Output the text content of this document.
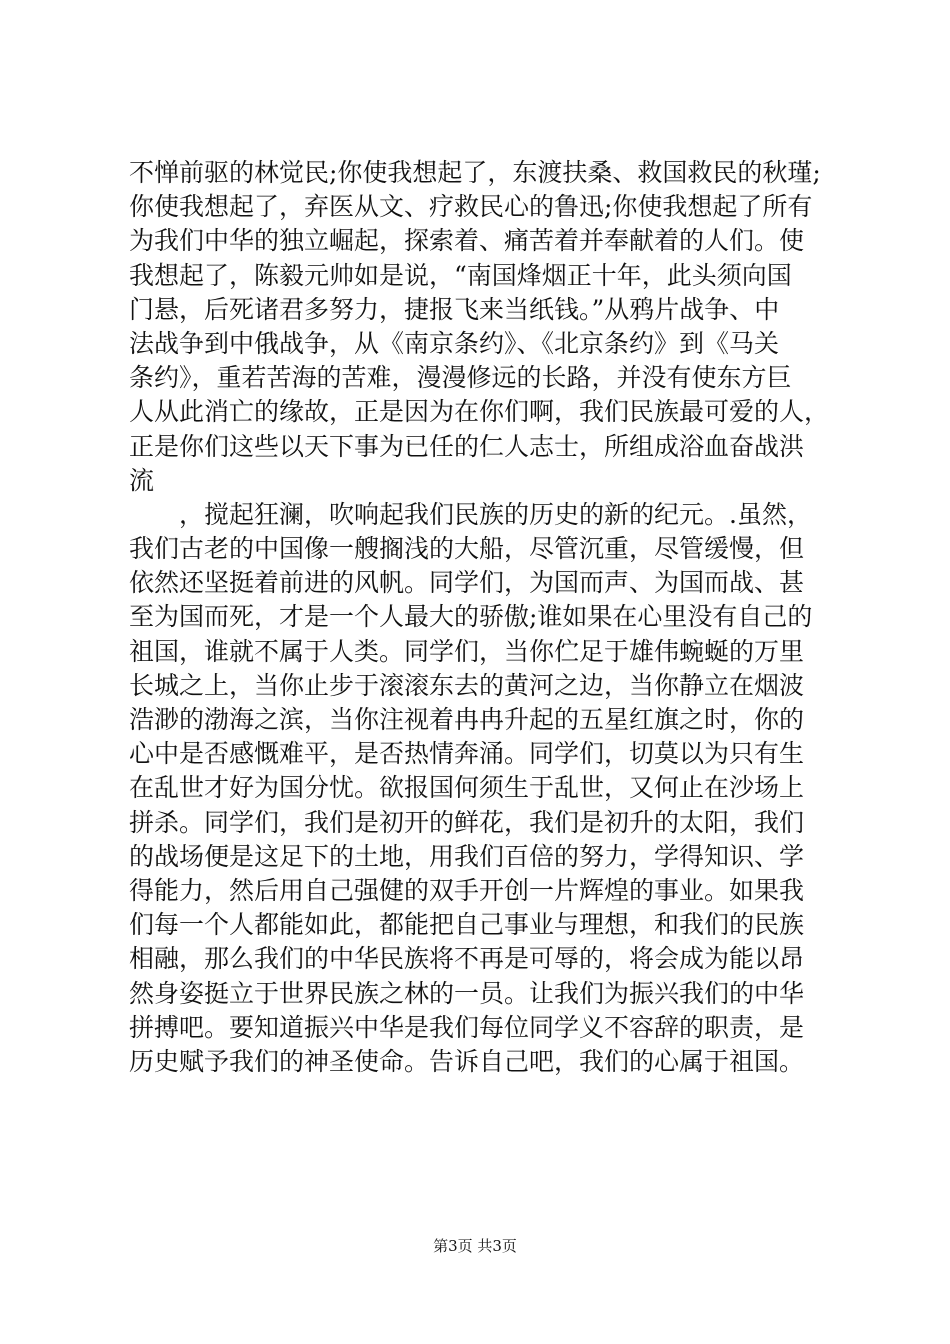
不惮前驱的林觉民;你使我想起了，东渡扶桑、救国救民的秋瑾;
你使我想起了，弃医从文、疗救民心的鲁迅;你使我想起了所有
为我们中华的独立崛起，探索着、痛苦着并奉献着的人们。使
我想起了，陈毅元帅如是说，“南国烽烟正十年，此头须向国
门悬，后死诸君多努力，捷报飞来当纸钱。”从鸦片战争、中
法战争到中俄战争，从《南京条约》、《北京条约》到《马关
条约》，重若苦海的苦难，漫漫修远的长路，并没有使东方巨
人从此消亡的缘故，正是因为在你们啊，我们民族最可爱的人，
正是你们这些以天下事为已任的仁人志士，所组成浴血奋战洪
流
，搅起狂澜，吹响起我们民族的历史的新的纪元。.虽然，
我们古老的中国像一艘搁浅的大船，尽管沉重，尽管缓慢，但
依然还坚挺着前进的风帆。同学们，为国而声、为国而战、甚
至为国而死，才是一个人最大的骄傲;谁如果在心里没有自己的
祖国，谁就不属于人类。同学们，当你伫足于雄伟蜿蜒的万里
长城之上，当你止步于滚滚东去的黄河之边，当你静立在烟波
浩渺的渤海之滨，当你注视着冉冉升起的五星红旗之时，你的
心中是否感慨难平，是否热情奔涌。同学们，切莫以为只有生
在乱世才好为国分忧。欲报国何须生于乱世，又何止在沙场上
拼杀。同学们，我们是初开的鲜花，我们是初升的太阳，我们
的战场便是这足下的土地，用我们百倍的努力，学得知识、学
得能力，然后用自己强健的双手开创一片辉煌的事业。如果我
们每一个人都能如此，都能把自己事业与理想，和我们的民族
相融，那么我们的中华民族将不再是可辱的，将会成为能以昂
然身姿挺立于世界民族之林的一员。让我们为振兴我们的中华
拼搏吧。要知道振兴中华是我们每位同学义不容辞的职责，是
历史赋予我们的神圣使命。告诉自己吧，我们的心属于祖国。
第3页 共3页
